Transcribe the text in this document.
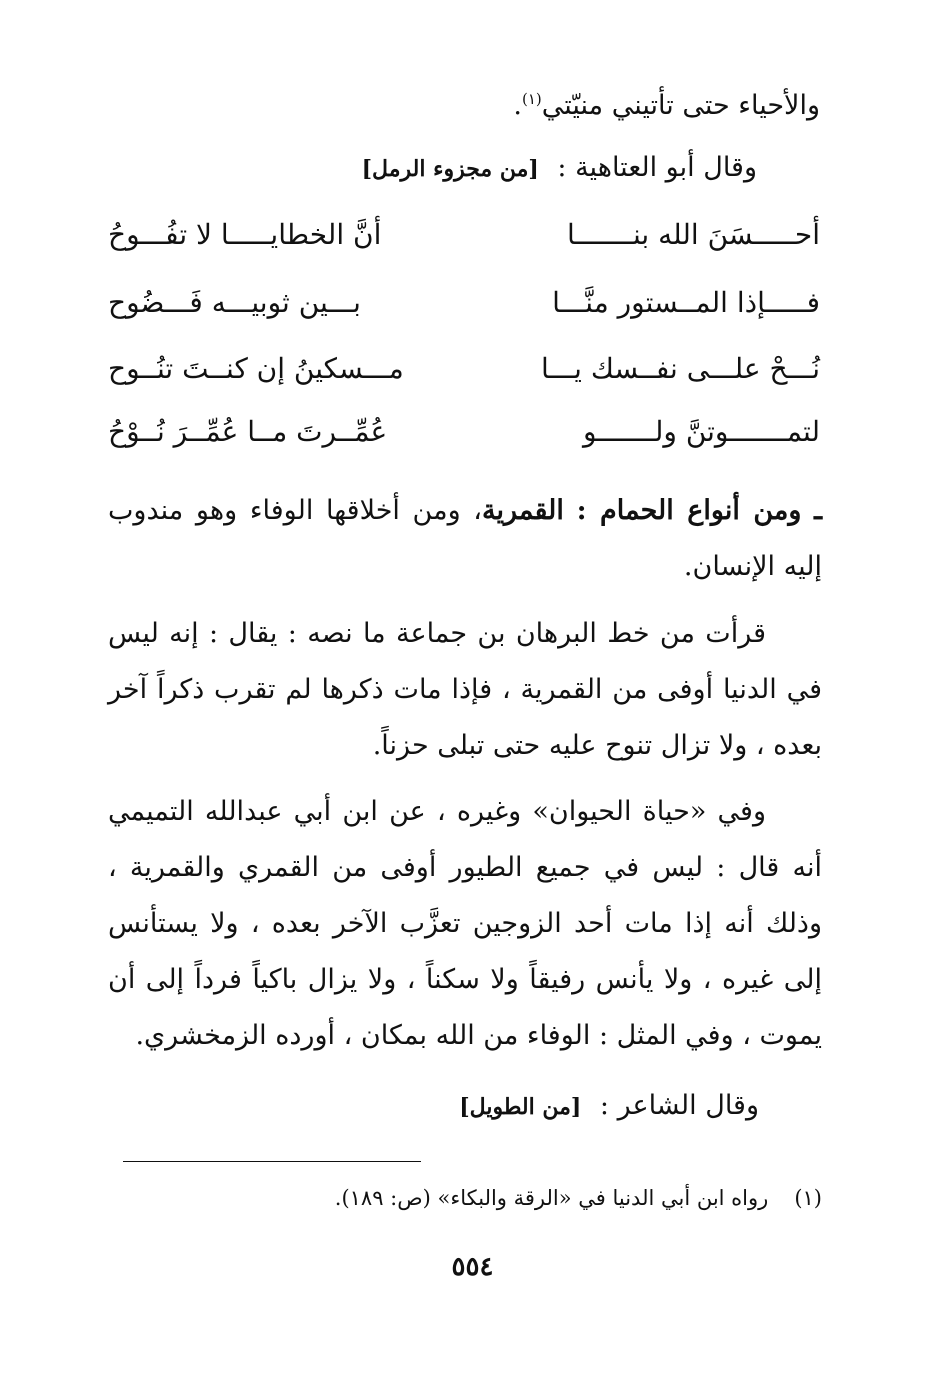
والأحياء حتى تأتيني منيّتي$^{(١)}$.
وقال أبو العتاهية : [من مجزوء الرمل]
أحـــــسَنَ الله بنـــــــا
أنَّ الخطايـــــا لا تفُـــوحُ
فـــــإذا المــستور منَّـــا
بـــين ثوبيـــه فَـــضُوح
نُـــحْ علـــى نفــسك يـــا
مـــسكينُ إن كنــتَ تنُــوح
لتمـــــــوتنَّ ولـــــــو
عُمِّــرتَ مــا عُمِّــرَ نُــوْحُ

ـ ومن أنواع الحمام : القمرية، ومن أخلاقها الوفاء وهو مندوب إليه الإنسان.

قرأت من خط البرهان بن جماعة ما نصه : يقال : إنه ليس في الدنيا أوفى من القمرية ، فإذا مات ذكرها لم تقرب ذكراً آخر بعده ، ولا تزال تنوح عليه حتى تبلى حزناً.

وفي «حياة الحيوان» وغيره ، عن ابن أبي عبدالله التميمي أنه قال : ليس في جميع الطيور أوفى من القمري والقمرية ، وذلك أنه إذا مات أحد الزوجين تعزَّب الآخر بعده ، ولا يستأنس إلى غيره ، ولا يأنس رفيقاً ولا سكناً ، ولا يزال باكياً فرداً إلى أن يموت ، وفي المثل : الوفاء من الله بمكان ، أورده الزمخشري.

وقال الشاعر : [من الطويل]
(١)رواه ابن أبي الدنيا في «الرقة والبكاء» (ص: ١٨٩).
٥٥٤
